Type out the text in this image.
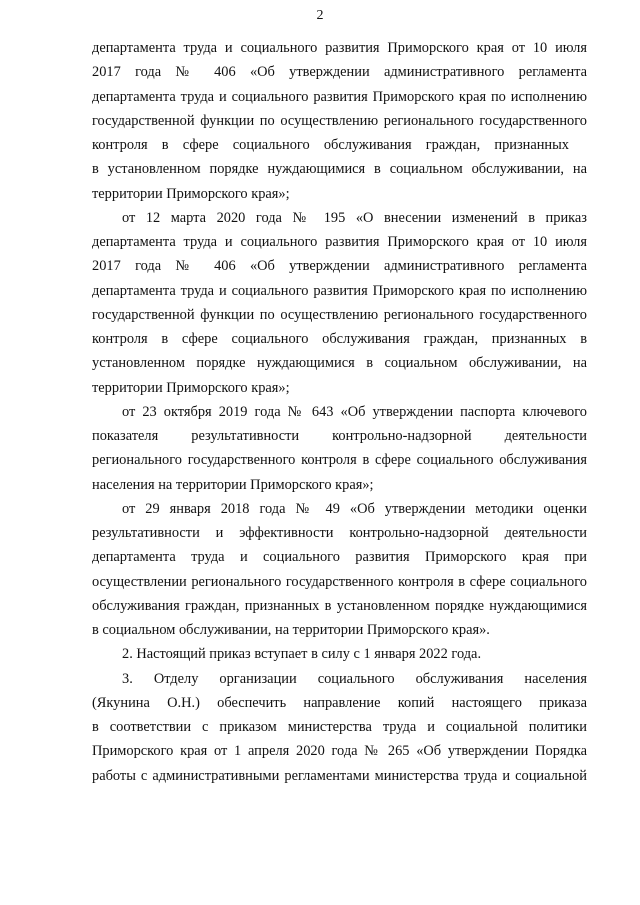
2
департамента труда и социального развития Приморского края от 10 июля
2017 года № 406 «Об утверждении административного регламента
департамента труда и социального развития Приморского края по исполнению
государственной функции по осуществлению регионального государственного
контроля в сфере социального обслуживания граждан, признанных
в установленном порядке нуждающимися в социальном обслуживании, на
территории Приморского края»;
от 12 марта 2020 года № 195 «О внесении изменений в приказ
департамента труда и социального развития Приморского края от 10 июля
2017 года № 406 «Об утверждении административного регламента
департамента труда и социального развития Приморского края по исполнению
государственной функции по осуществлению регионального государственного
контроля в сфере социального обслуживания граждан, признанных в
установленном порядке нуждающимися в социальном обслуживании, на
территории Приморского края»;
от 23 октября 2019 года № 643 «Об утверждении паспорта ключевого
показателя результативности контрольно-надзорной деятельности
регионального государственного контроля в сфере социального обслуживания
населения на территории Приморского края»;
от 29 января 2018 года № 49 «Об утверждении методики оценки
результативности и эффективности контрольно-надзорной деятельности
департамента труда и социального развития Приморского края при
осуществлении регионального государственного контроля в сфере социального
обслуживания граждан, признанных в установленном порядке нуждающимися
в социальном обслуживании, на территории Приморского края».
2. Настоящий приказ вступает в силу с 1 января 2022 года.
3. Отделу организации социального обслуживания населения
(Якунина О.Н.) обеспечить направление копий настоящего приказа
в соответствии с приказом министерства труда и социальной политики
Приморского края от 1 апреля 2020 года № 265 «Об утверждении Порядка
работы с административными регламентами министерства труда и социальной
